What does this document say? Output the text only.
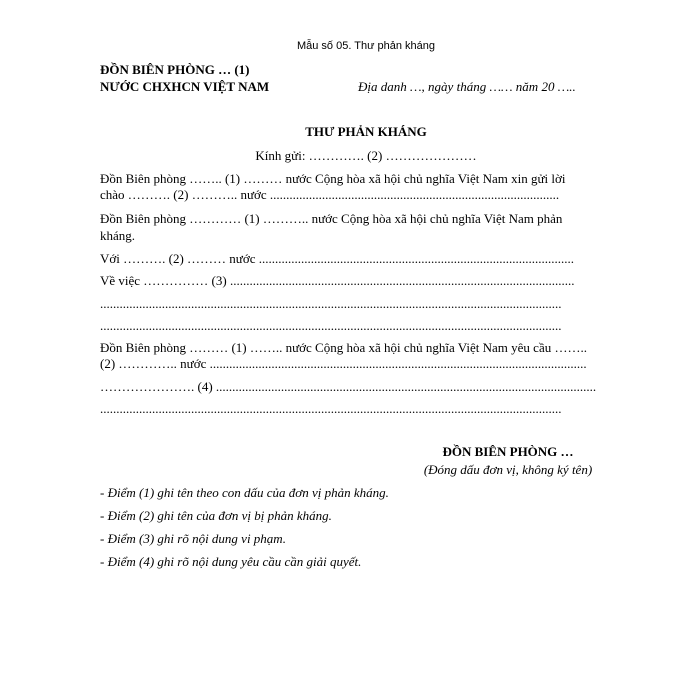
Mẫu số 05. Thư phản kháng
ĐỒN BIÊN PHÒNG … (1)
NƯỚC CHXHCN VIỆT NAM	Địa danh …, ngày tháng …… năm 20 …..
THƯ PHẢN KHÁNG
Kính gửi: …………. (2) …………………
Đồn Biên phòng …….. (1) ……… nước Cộng hòa xã hội chủ nghĩa Việt Nam xin gửi lời
chào ………. (2) ……….. nước .........................................................................................
Đồn Biên phòng ………… (1) ……….. nước Cộng hòa xã hội chủ nghĩa Việt Nam phản
kháng.
Với ………. (2) ……… nước .................................................................................................
Về việc …………… (3) ..........................................................................................................
..............................................................................................................................................
..............................................................................................................................................
Đồn Biên phòng ……… (1) …….. nước Cộng hòa xã hội chủ nghĩa Việt Nam yêu cầu ……..
(2) ………….. nước ....................................................................................................................
…………………. (4) .....................................................................................................................
..............................................................................................................................................
ĐỒN BIÊN PHÒNG …
(Đóng dấu đơn vị, không ký tên)
- Điểm (1) ghi tên theo con dấu của đơn vị phản kháng.
- Điểm (2) ghi tên của đơn vị bị phản kháng.
- Điểm (3) ghi rõ nội dung vi phạm.
- Điểm (4) ghi rõ nội dung yêu cầu cần giải quyết.
